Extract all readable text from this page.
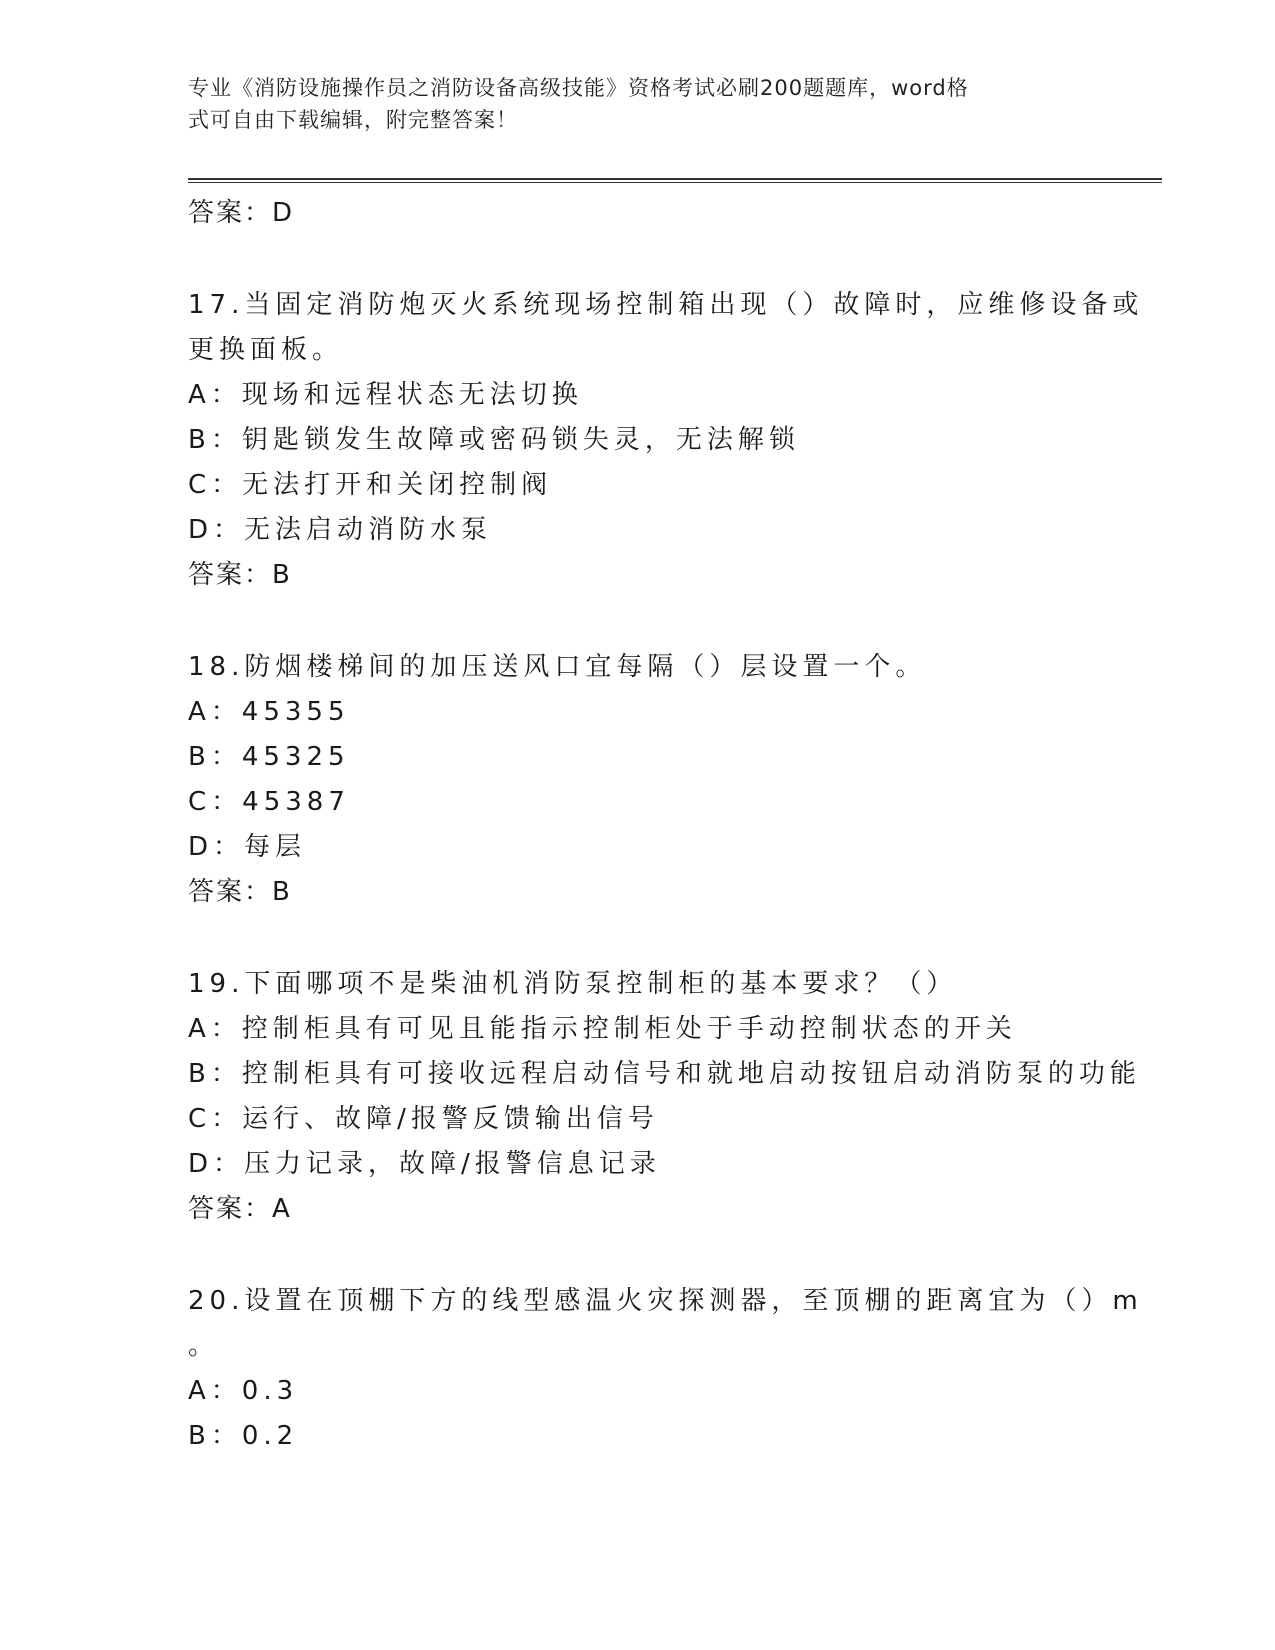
专业《消防设施操作员之消防设备高级技能》资格考试必刷200题题库，word格
式可自由下载编辑，附完整答案！
答案：D
17.当固定消防炮灭火系统现场控制箱出现（）故障时，应维修设备或
更换面板。
A：现场和远程状态无法切换
B：钥匙锁发生故障或密码锁失灵，无法解锁
C：无法打开和关闭控制阀
D：无法启动消防水泵
答案：B
18.防烟楼梯间的加压送风口宜每隔（）层设置一个。
A：45355
B：45325
C：45387
D：每层
答案：B
19.下面哪项不是柴油机消防泵控制柜的基本要求？（）
A：控制柜具有可见且能指示控制柜处于手动控制状态的开关
B：控制柜具有可接收远程启动信号和就地启动按钮启动消防泵的功能
C：运行、故障/报警反馈输出信号
D：压力记录，故障/报警信息记录
答案：A
20.设置在顶棚下方的线型感温火灾探测器，至顶棚的距离宜为（）m
。
A：0.3
B：0.2
